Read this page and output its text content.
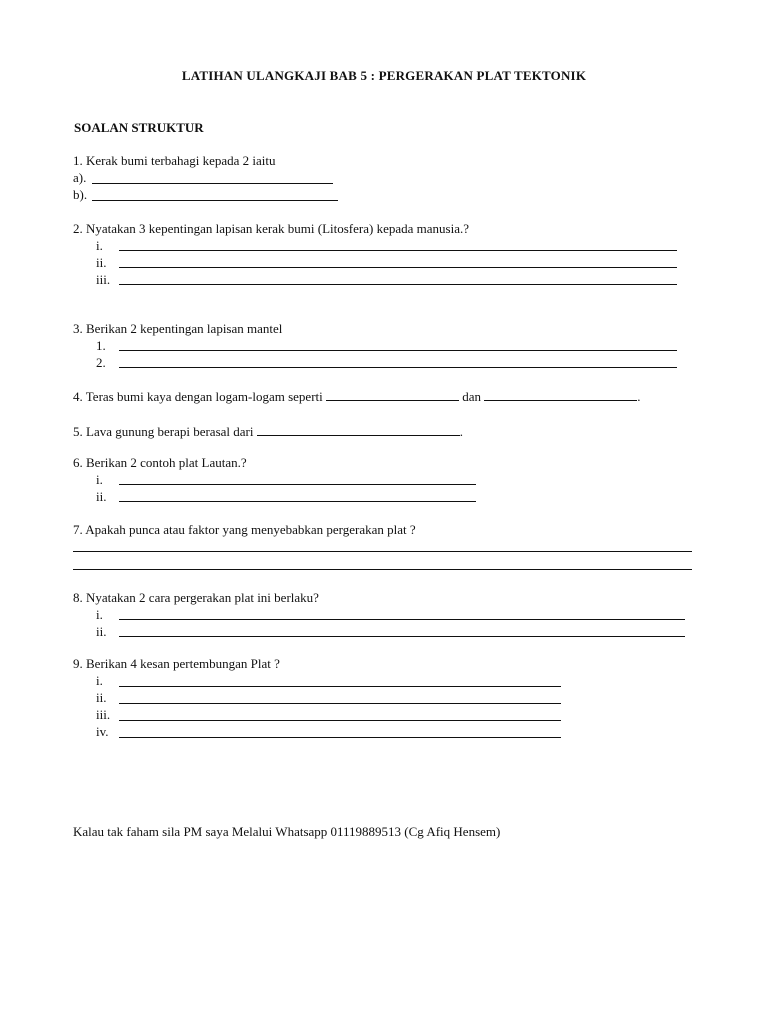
LATIHAN ULANGKAJI BAB 5 : PERGERAKAN PLAT TEKTONIK
SOALAN STRUKTUR
1. Kerak bumi terbahagi kepada 2 iaitu
a).
b).
2. Nyatakan 3 kepentingan lapisan kerak bumi (Litosfera) kepada manusia.?
i.
ii.
iii.
3. Berikan 2 kepentingan lapisan mantel
1.
2.
4. Teras bumi kaya dengan logam-logam seperti	dan	.
5. Lava gunung berapi berasal dari	.
6. Berikan 2 contoh plat Lautan.?
i.
ii.
7. Apakah punca atau faktor yang menyebabkan pergerakan plat ?
8. Nyatakan 2 cara pergerakan plat ini berlaku?
i.
ii.
9. Berikan 4 kesan pertembungan Plat ?
i.
ii.
iii.
iv.
Kalau tak faham sila PM saya Melalui Whatsapp 01119889513 (Cg Afiq Hensem)
